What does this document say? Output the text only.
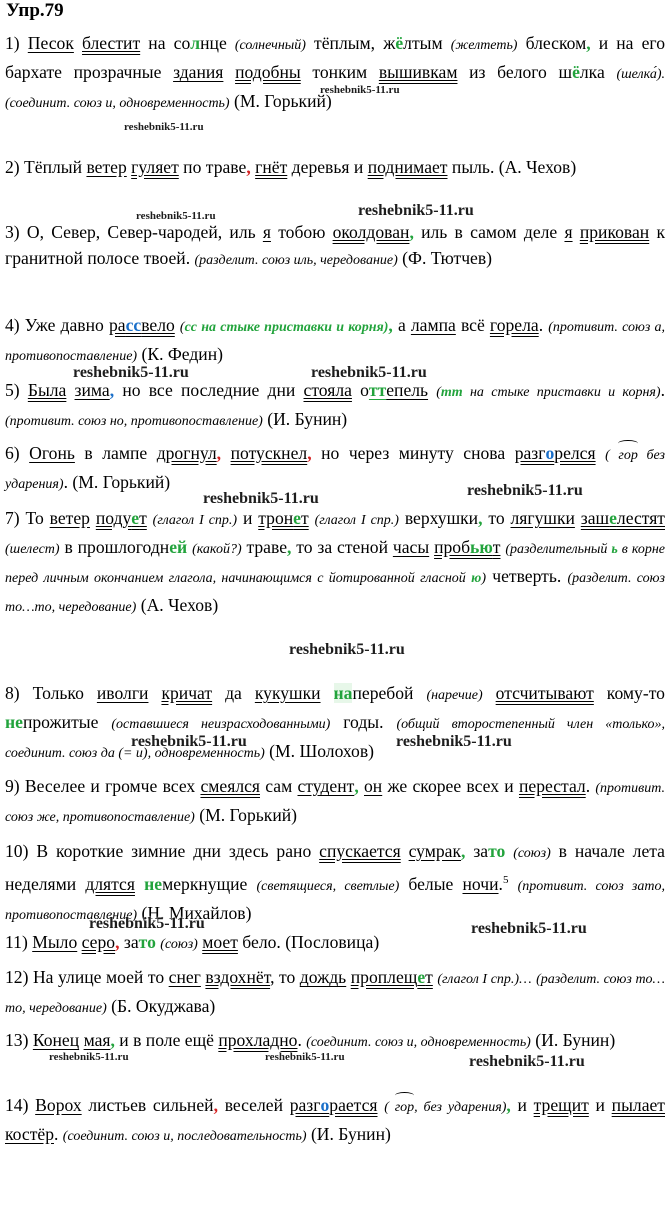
Упр.79
1) Песок блестит на солнце (солнечный) тёплым, жёлтым (желтеть) блеском, и на его бархате прозрачные здания подобны тонким вышивкам из белого шёлка (шелка́). (соединит. союз и, одновременность) (М. Горький)
2) Тёплый ветер гуляет по траве, гнёт деревья и поднимает пыль. (А. Чехов)
3) О, Север, Север-чародей, иль я тобою околдован, иль в самом деле я прикован к гранитной полосе твоей. (разделит. союз иль, чередование) (Ф. Тютчев)
4) Уже давно рассвело (сс на стыке приставки и корня), а лампа всё горела. (противит. союз а, противопоставление) (К. Федин)
5) Была зима, но все последние дни стояла оттепель (тт на стыке приставки и корня). (противит. союз но, противопоставление) (И. Бунин)
6) Огонь в лампе дрогнул, потускнел, но через минуту снова разгорелся ( гор без ударения). (М. Горький)
7) То ветер подует (глагол I спр.) и тронет (глагол I спр.) верхушки, то лягушки зашелестят (шелест) в прошлогодней (какой?) траве, то за стеной часы пробьют (разделительный ь в корне перед личным окончанием глагола, начинающимся с йотированной гласной ю) четверть. (разделит. союз то…то, чередование) (А. Чехов)
8) Только иволги кричат да кукушки наперебой (наречие) отсчитывают кому-то непрожитые (оставшиеся неизрасходованными) годы. (общий второстепенный член «только», соединит. союз да (= и), одновременность) (М. Шолохов)
9) Веселее и громче всех смеялся сам студент, он же скорее всех и перестал. (противит. союз же, противопоставление) (М. Горький)
10) В короткие зимние дни здесь рано спускается сумрак, зато (союз) в начале лета неделями длятся немеркнущие (светящиеся, светлые) белые ночи.$^5$ (противит. союз зато, противопоставление) (Н. Михайлов)
11) Мыло серо, зато (союз) моет бело. (Пословица)
12) На улице моей то снег вздохнёт, то дождь проплещет (глагол I спр.)… (разделит. союз то…то, чередование) (Б. Окуджава)
13) Конец мая, и в поле ещё прохладно. (соединит. союз и, одновременность) (И. Бунин)
14) Ворох листьев сильней, веселей разгорается ( гор, без ударения), и трещит и пылает костёр. (соединит. союз и, последовательность) (И. Бунин)
reshebnik5-11.ru
reshebnik5-11.ru
reshebnik5-11.ru	reshebnik5-11.ru
reshebnik5-11.ru	reshebnik5-11.ru
reshebnik5-11.ru	reshebnik5-11.ru
reshebnik5-11.ru
reshebnik5-11.ru	reshebnik5-11.ru
reshebnik5-11.ru	reshebnik5-11.ru
reshebnik5-11.ru	reshebnik5-11.ru	reshebnik5-11.ru
